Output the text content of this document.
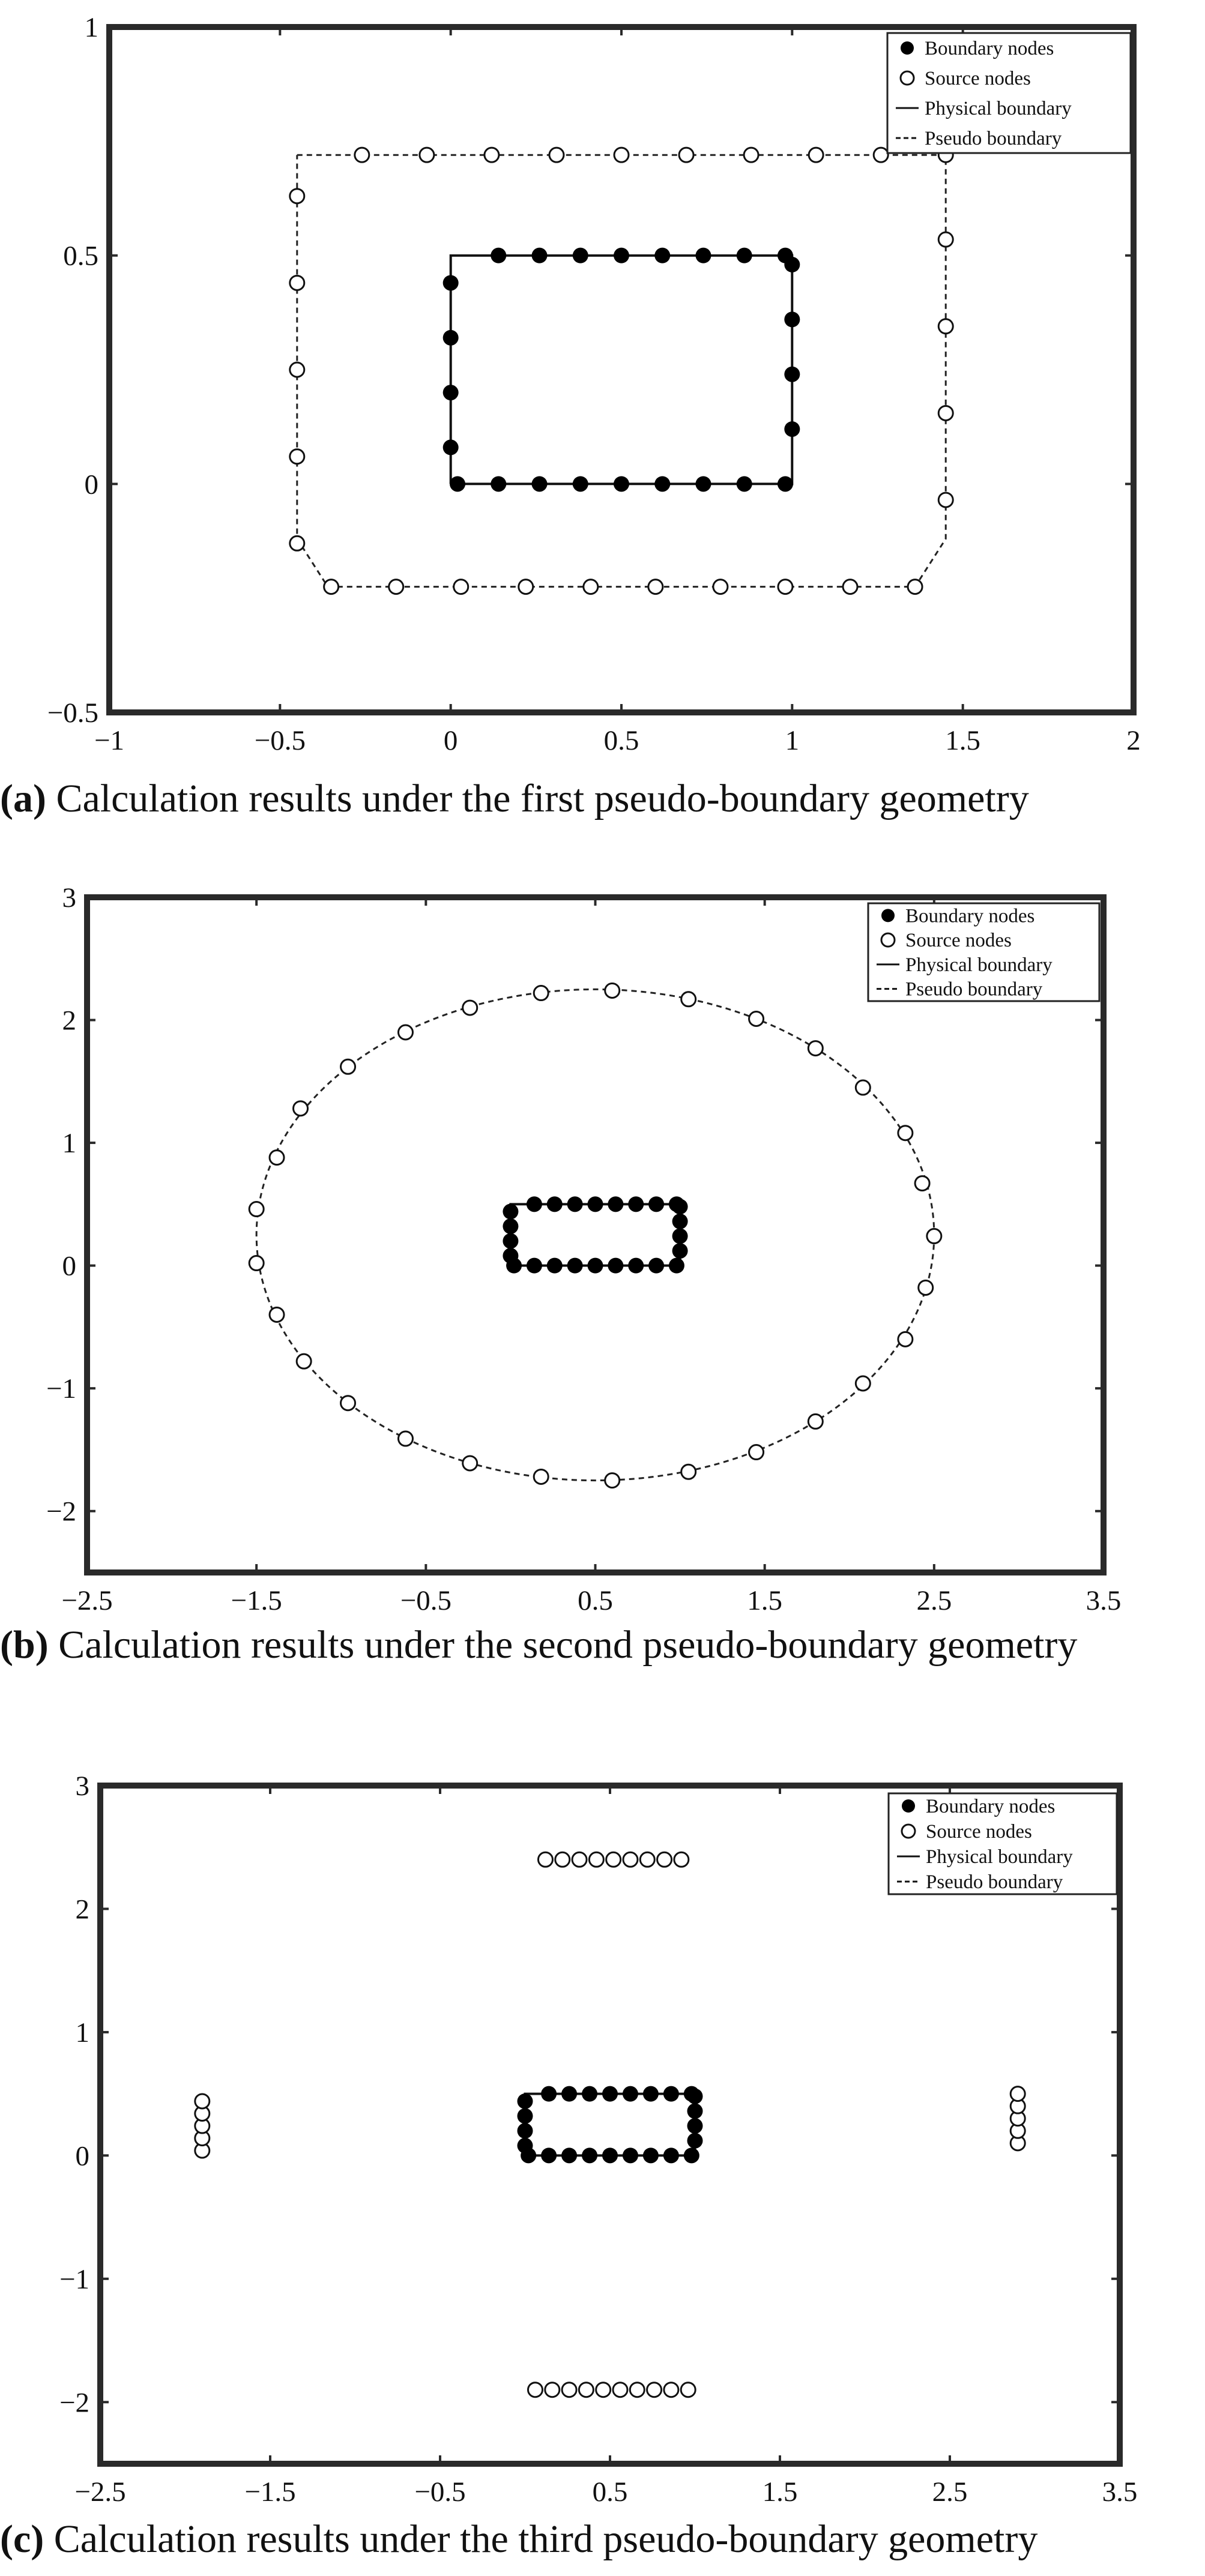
−1	−0.5	0	0.5	1	1.5	2
−0.5
0
0.5
1
Boundary nodes
Source nodes
Physical boundary
Pseudo boundary
(a) Calculation results under the first pseudo-boundary geometry
−2.5	−1.5	−0.5	0.5	1.5	2.5	3.5
−2
−1
0
1
2
3
Boundary nodes
Source nodes
Physical boundary
Pseudo boundary
(b) Calculation results under the second pseudo-boundary geometry
−2.5	−1.5	−0.5	0.5	1.5	2.5	3.5
−2
−1
0
1
2
3
Boundary nodes
Source nodes
Physical boundary
Pseudo boundary
(c) Calculation results under the third pseudo-boundary geometry
